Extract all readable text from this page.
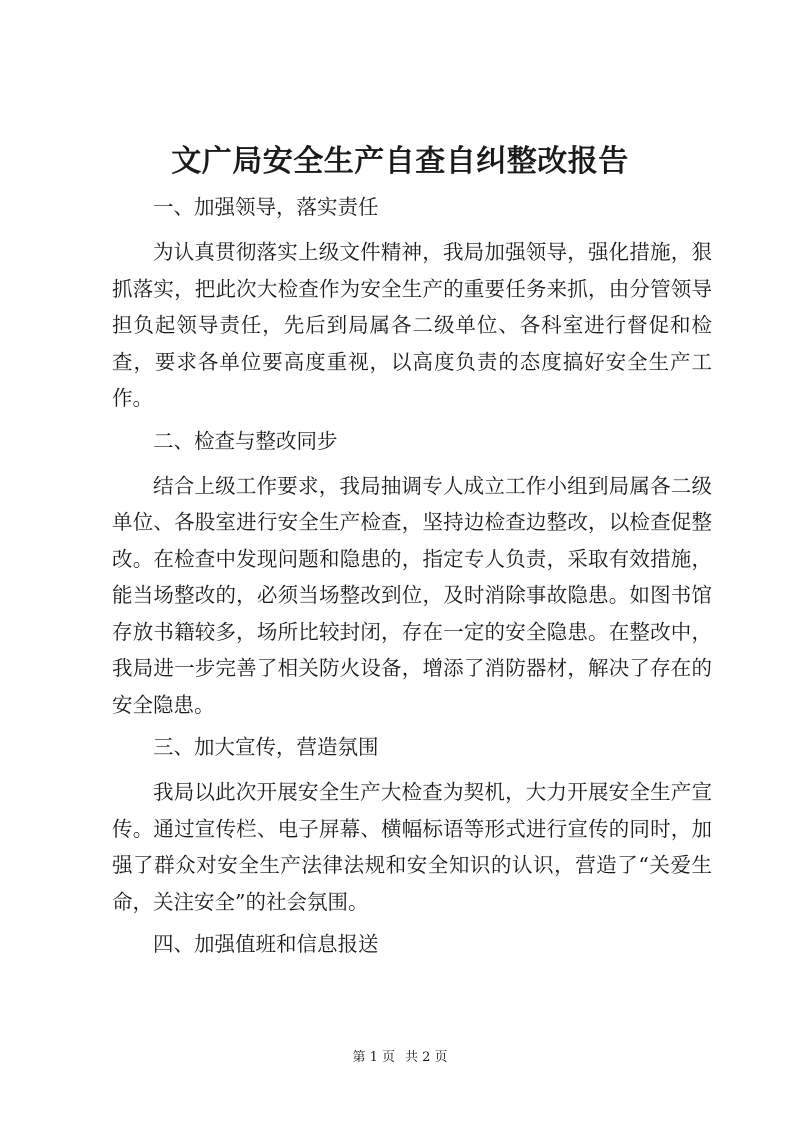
文广局安全生产自查自纠整改报告
一、加强领导，落实责任
为认真贯彻落实上级文件精神，我局加强领导，强化措施，狠抓落实，把此次大检查作为安全生产的重要任务来抓，由分管领导担负起领导责任，先后到局属各二级单位、各科室进行督促和检查，要求各单位要高度重视，以高度负责的态度搞好安全生产工作。
二、检查与整改同步
结合上级工作要求，我局抽调专人成立工作小组到局属各二级单位、各股室进行安全生产检查，坚持边检查边整改，以检查促整改。在检查中发现问题和隐患的，指定专人负责，采取有效措施，能当场整改的，必须当场整改到位，及时消除事故隐患。如图书馆存放书籍较多，场所比较封闭，存在一定的安全隐患。在整改中，我局进一步完善了相关防火设备，增添了消防器材，解决了存在的安全隐患。
三、加大宣传，营造氛围
我局以此次开展安全生产大检查为契机，大力开展安全生产宣传。通过宣传栏、电子屏幕、横幅标语等形式进行宣传的同时，加强了群众对安全生产法律法规和安全知识的认识，营造了“关爱生命，关注安全”的社会氛围。
四、加强值班和信息报送
第 1 页 共 2 页
